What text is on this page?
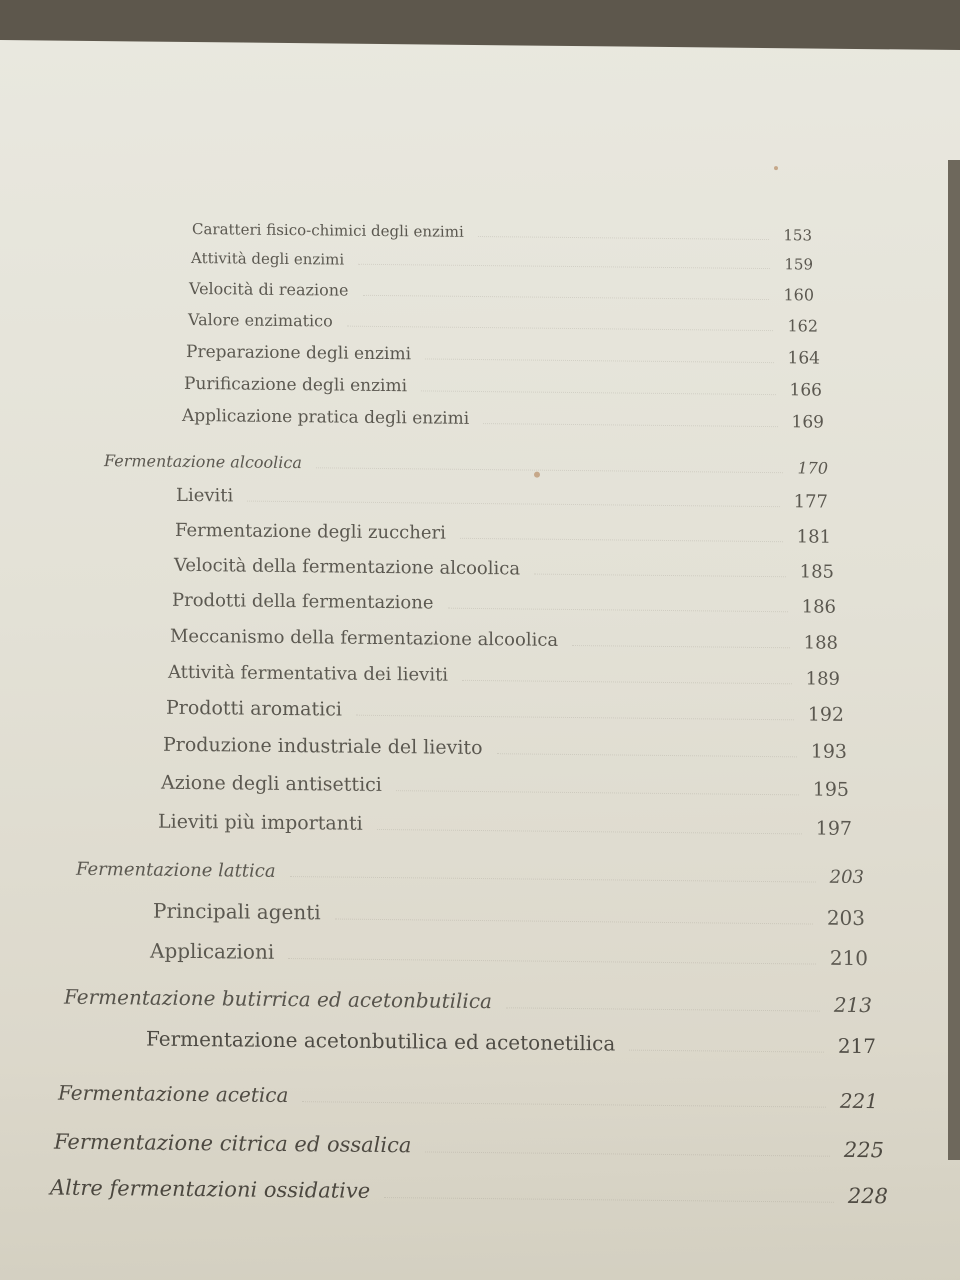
Caratteri fisico-chimici degli enzimi	153
Attività degli enzimi	159
Velocità di reazione	160
Valore enzimatico	162
Preparazione degli enzimi	164
Purificazione degli enzimi	166
Applicazione pratica degli enzimi	169
Fermentazione alcoolica	170
Lieviti	177
Fermentazione degli zuccheri	181
Velocità della fermentazione alcoolica	185
Prodotti della fermentazione	186
Meccanismo della fermentazione alcoolica	188
Attività fermentativa dei lieviti	189
Prodotti aromatici	192
Produzione industriale del lievito	193
Azione degli antisettici	195
Lieviti più importanti	197
Fermentazione lattica	203
Principali agenti	203
Applicazioni	210
Fermentazione butirrica ed acetonbutilica	213
Fermentazione acetonbutilica ed acetonetilica	217
Fermentazione acetica	221
Fermentazione citrica ed ossalica	225
Altre fermentazioni ossidative	228
